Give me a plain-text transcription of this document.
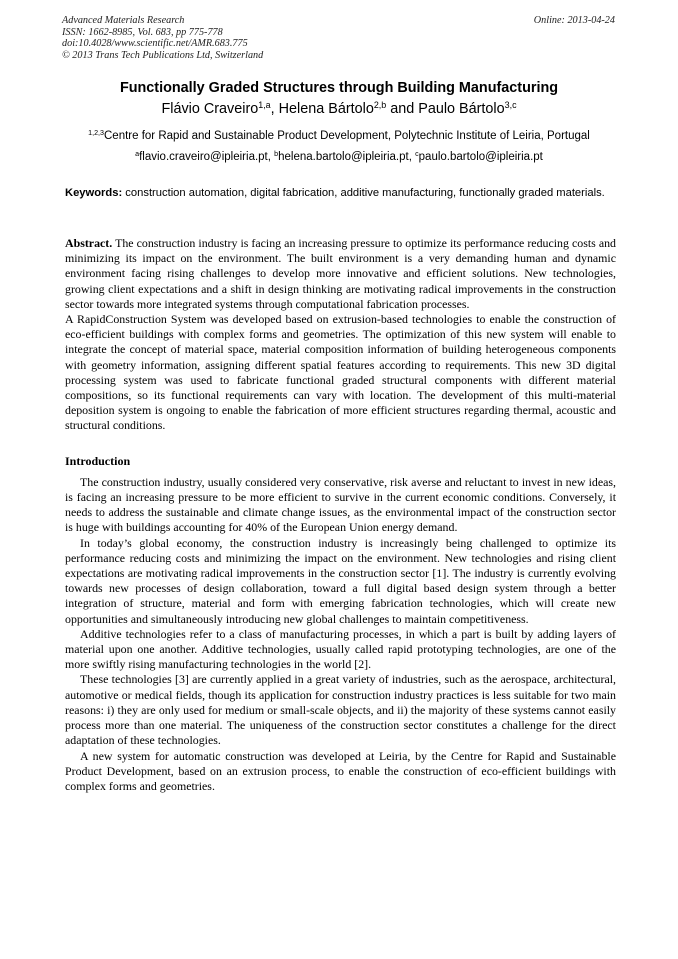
Advanced Materials Research
ISSN: 1662-8985, Vol. 683, pp 775-778
doi:10.4028/www.scientific.net/AMR.683.775
© 2013 Trans Tech Publications Ltd, Switzerland
Online: 2013-04-24
Functionally Graded Structures through Building Manufacturing
Flávio Craveiro$^{1,a}$, Helena Bártolo$^{2,b}$ and Paulo Bártolo$^{3,c}$
$^{1,2,3}$Centre for Rapid and Sustainable Product Development, Polytechnic Institute of Leiria, Portugal
$^a$flavio.craveiro@ipleiria.pt, $^b$helena.bartolo@ipleiria.pt, $^c$paulo.bartolo@ipleiria.pt
Keywords: construction automation, digital fabrication, additive manufacturing, functionally graded materials.

Abstract. The construction industry is facing an increasing pressure to optimize its performance reducing costs and minimizing its impact on the environment. The built environment is a very demanding human and dynamic environment facing rising challenges to develop more innovative and efficient solutions. New technologies, growing client expectations and a shift in design thinking are motivating radical improvements in the construction sector towards more integrated systems through computational fabrication processes.

A RapidConstruction System was developed based on extrusion-based technologies to enable the construction of eco-efficient buildings with complex forms and geometries. The optimization of this new system will enable to integrate the concept of material space, material composition information of building heterogeneous components with geometry information, assigning different spatial features according to requirements. This new 3D digital processing system was used to fabricate functional graded structural components with different material compositions, so its functional requirements can vary with location. The development of this multi-material deposition system is ongoing to enable the fabrication of more efficient structures regarding thermal, acoustic and structural conditions.

Introduction

The construction industry, usually considered very conservative, risk averse and reluctant to invest in new ideas, is facing an increasing pressure to be more efficient to survive in the current economic conditions. Conversely, it needs to address the sustainable and climate change issues, as the environmental impact of the construction sector is huge with buildings accounting for 40% of the European Union energy demand.

In today’s global economy, the construction industry is increasingly being challenged to optimize its performance reducing costs and minimizing the impact on the environment. New technologies and rising client expectations are motivating radical improvements in the construction sector [1]. The industry is currently evolving towards new processes of design collaboration, toward a full digital based design system through a better integration of structure, material and form with emerging fabrication technologies, which will create new opportunities and simultaneously introducing new global challenges to maintain competitiveness.

Additive technologies refer to a class of manufacturing processes, in which a part is built by adding layers of material upon one another. Additive technologies, usually called rapid prototyping technologies, are one of the more swiftly rising manufacturing technologies in the world [2].

These technologies [3] are currently applied in a great variety of industries, such as the aerospace, architectural, automotive or medical fields, though its application for construction industry practices is less suitable for two main reasons: i) they are only used for medium or small-scale objects, and ii) the majority of these systems cannot easily process more than one material. The uniqueness of the construction sector constitutes a challenge for the direct adaptation of these technologies.

A new system for automatic construction was developed at Leiria, by the Centre for Rapid and Sustainable Product Development, based on an extrusion process, to enable the construction of eco-efficient buildings with complex forms and geometries.
